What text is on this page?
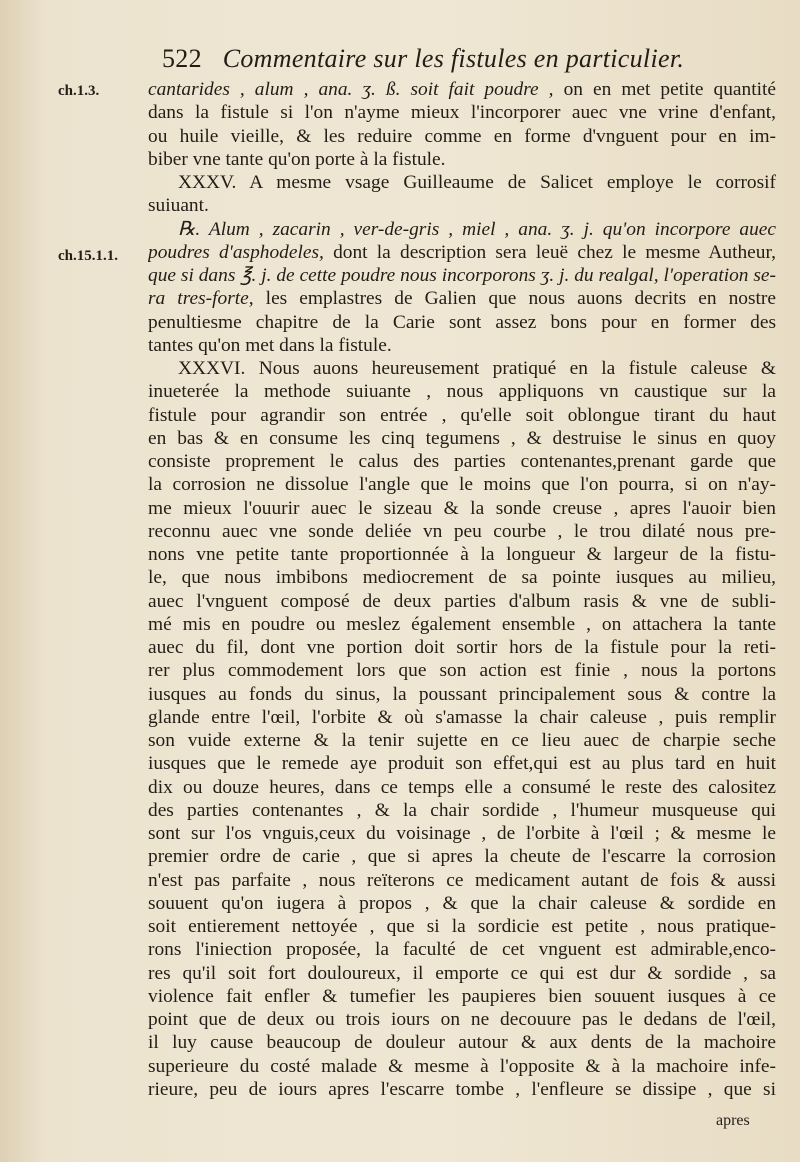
522 Commentaire sur les fistules en particulier.
ch.1.3.
ch.15.1.1.
cantarides , alum , ana. ʒ. ß. soit fait poudre , on en met petite quantité
dans la fistule si l'on n'ayme mieux l'incorporer auec vne vrine d'enfant,
ou huile vieille, & les reduire comme en forme d'vnguent pour en im-
biber vne tante qu'on porte à la fistule.
XXXV. A mesme vsage Guilleaume de Salicet employe le corrosif
suiuant.
℞. Alum , zacarin , ver-de-gris , miel , ana. ʒ. j. qu'on incorpore auec
poudres d'asphodeles, dont la description sera leuë chez le mesme Autheur,
que si dans ℥. j. de cette poudre nous incorporons ʒ. j. du realgal, l'operation se-
ra tres-forte, les emplastres de Galien que nous auons decrits en nostre
penultiesme chapitre de la Carie sont assez bons pour en former des
tantes qu'on met dans la fistule.
XXXVI. Nous auons heureusement pratiqué en la fistule caleuse &
inueterée la methode suiuante , nous appliquons vn caustique sur la
fistule pour agrandir son entrée , qu'elle soit oblongue tirant du haut
en bas & en consume les cinq tegumens , & destruise le sinus en quoy
consiste proprement le calus des parties contenantes,prenant garde que
la corrosion ne dissolue l'angle que le moins que l'on pourra, si on n'ay-
me mieux l'ouurir auec le sizeau & la sonde creuse , apres l'auoir bien
reconnu auec vne sonde deliée vn peu courbe , le trou dilaté nous pre-
nons vne petite tante proportionnée à la longueur & largeur de la fistu-
le, que nous imbibons mediocrement de sa pointe iusques au milieu,
auec l'vnguent composé de deux parties d'album rasis & vne de subli-
mé mis en poudre ou meslez également ensemble , on attachera la tante
auec du fil, dont vne portion doit sortir hors de la fistule pour la reti-
rer plus commodement lors que son action est finie , nous la portons
iusques au fonds du sinus, la poussant principalement sous & contre la
glande entre l'œil, l'orbite & où s'amasse la chair caleuse , puis remplir
son vuide externe & la tenir sujette en ce lieu auec de charpie seche
iusques que le remede aye produit son effet,qui est au plus tard en huit
dix ou douze heures, dans ce temps elle a consumé le reste des calositez
des parties contenantes , & la chair sordide , l'humeur musqueuse qui
sont sur l'os vnguis,ceux du voisinage , de l'orbite à l'œil ; & mesme le
premier ordre de carie , que si apres la cheute de l'escarre la corrosion
n'est pas parfaite , nous reïterons ce medicament autant de fois & aussi
souuent qu'on iugera à propos , & que la chair caleuse & sordide en
soit entierement nettoyée , que si la sordicie est petite , nous pratique-
rons l'iniection proposée, la faculté de cet vnguent est admirable,enco-
res qu'il soit fort douloureux, il emporte ce qui est dur & sordide , sa
violence fait enfler & tumefier les paupieres bien souuent iusques à ce
point que de deux ou trois iours on ne decouure pas le dedans de l'œil,
il luy cause beaucoup de douleur autour & aux dents de la machoire
superieure du costé malade & mesme à l'opposite & à la machoire infe-
rieure, peu de iours apres l'escarre tombe , l'enfleure se dissipe , que si
apres
